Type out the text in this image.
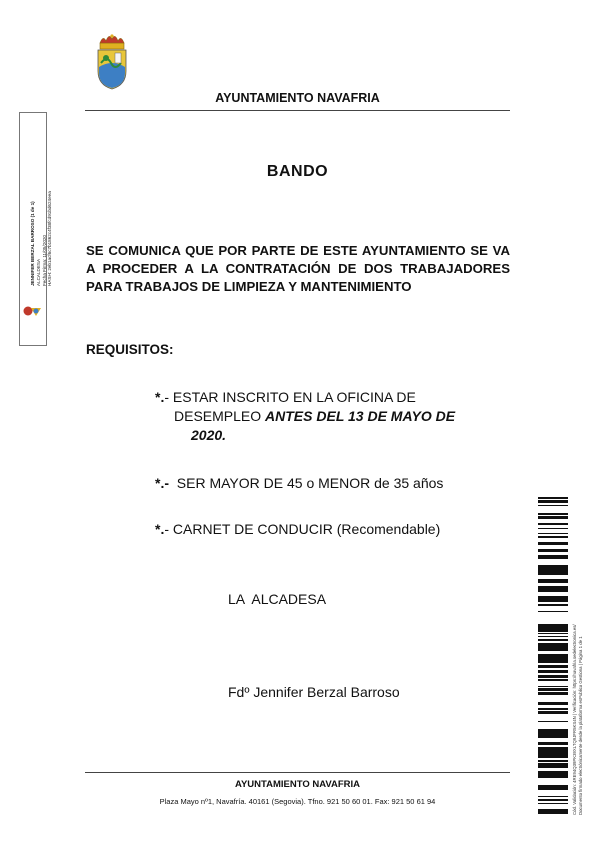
AYUNTAMIENTO NAVAFRIA
BANDO
SE COMUNICA QUE POR PARTE DE ESTE AYUNTAMIENTO SE VA A PROCEDER A LA CONTRATACIÓN DE DOS TRABAJADORES PARA TRABAJOS DE LIMPIEZA Y MANTENIMIENTO
REQUISITOS:
*.- ESTAR INSCRITO EN LA OFICINA DE
DESEMPLEO ANTES DEL 13 DE MAYO DE
2020.
*.-  SER MAYOR DE 45 o MENOR de 35 años
*.- CARNET DE CONDUCIR (Recomendable)
LA  ALCADESA
Fdº Jennifer Berzal Barroso
AYUNTAMIENTO NAVAFRIA
Plaza Mayo nº1, Navafría. 40161 (Segovia). Tfno. 921 50 60 01. Fax: 921 50 61 94
JENNIFER BERZAL BARROSO (1 de 1) ALCALDESA Fecha Firma: 11/05/2020 HASH: 2eb1acf6c7b1862c4f38fcd91bd624eea
Cód. Validación: 4RE94Q39PK39XLTQ9JFR5KS4N | Verificación: https://navafria.sedelectronica.es/ Documento firmado electrónicamente desde la plataforma esPublico Gestiona | Página 1 de 1
